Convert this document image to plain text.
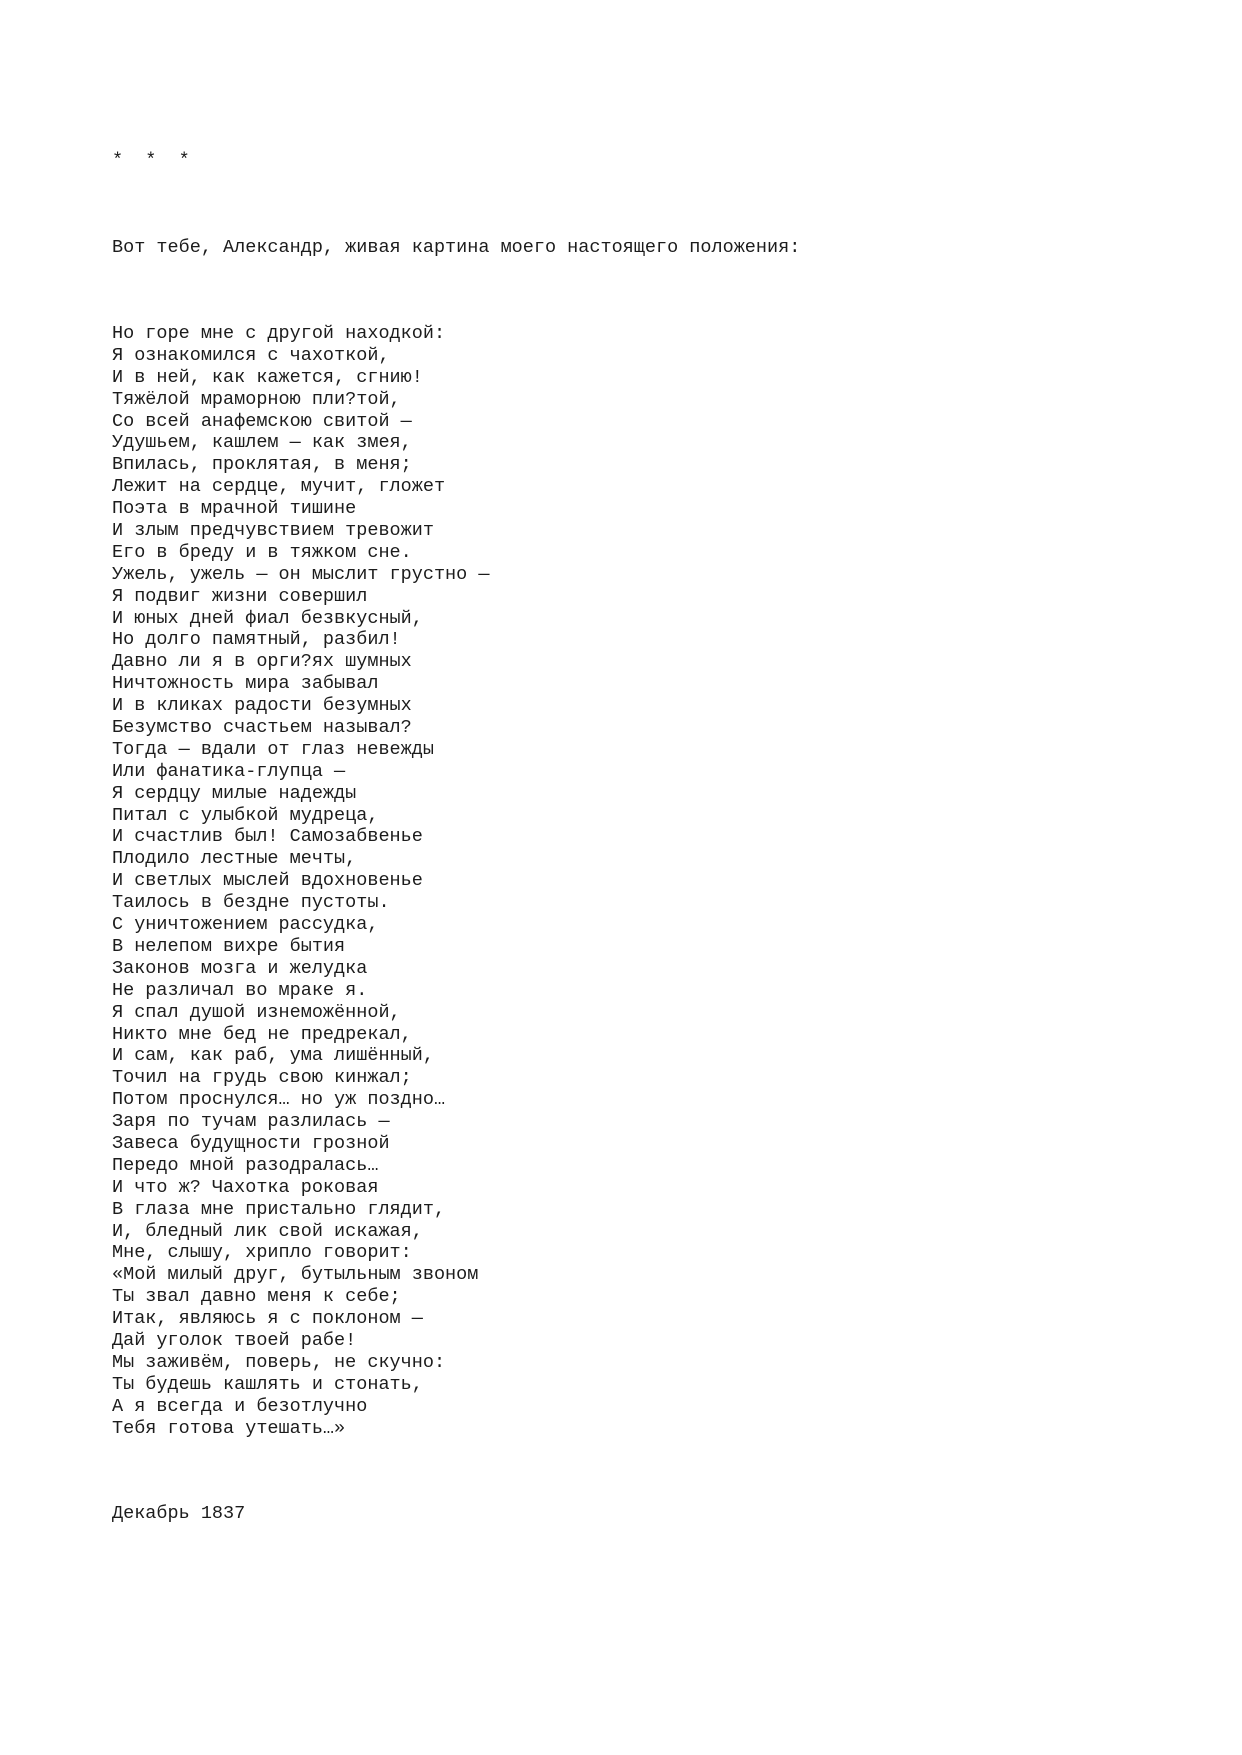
*  *  *

Вот тебе, Александр, живая картина моего настоящего положения:

Но горе мне с другой находкой:
Я ознакомился с чахоткой,
И в ней, как кажется, сгнию!
Тяжёлой мраморною пли?той,
Со всей анафемскою свитой —
Удушьем, кашлем — как змея,
Впилась, проклятая, в меня;
Лежит на сердце, мучит, гложет
Поэта в мрачной тишине
И злым предчувствием тревожит
Его в бреду и в тяжком сне.
Ужель, ужель — он мыслит грустно —
Я подвиг жизни совершил
И юных дней фиал безвкусный,
Но долго памятный, разбил!
Давно ли я в орги?ях шумных
Ничтожность мира забывал
И в кликах радости безумных
Безумство счастьем называл?
Тогда — вдали от глаз невежды
Или фанатика-глупца —
Я сердцу милые надежды
Питал с улыбкой мудреца,
И счастлив был! Самозабвенье
Плодило лестные мечты,
И светлых мыслей вдохновенье
Таилось в бездне пустоты.
С уничтожением рассудка,
В нелепом вихре бытия
Законов мозга и желудка
Не различал во мраке я.
Я спал душой изнеможённой,
Никто мне бед не предрекал,
И сам, как раб, ума лишённый,
Точил на грудь свою кинжал;
Потом проснулся… но уж поздно…
Заря по тучам разлилась —
Завеса будущности грозной
Передо мной разодралась…
И что ж? Чахотка роковая
В глаза мне пристально глядит,
И, бледный лик свой искажая,
Мне, слышу, хрипло говорит:
«Мой милый друг, бутыльным звоном
Ты звал давно меня к себе;
Итак, являюсь я с поклоном —
Дай уголок твоей рабе!
Мы заживём, поверь, не скучно:
Ты будешь кашлять и стонать,
А я всегда и безотлучно
Тебя готова утешать…»

Декабрь 1837
